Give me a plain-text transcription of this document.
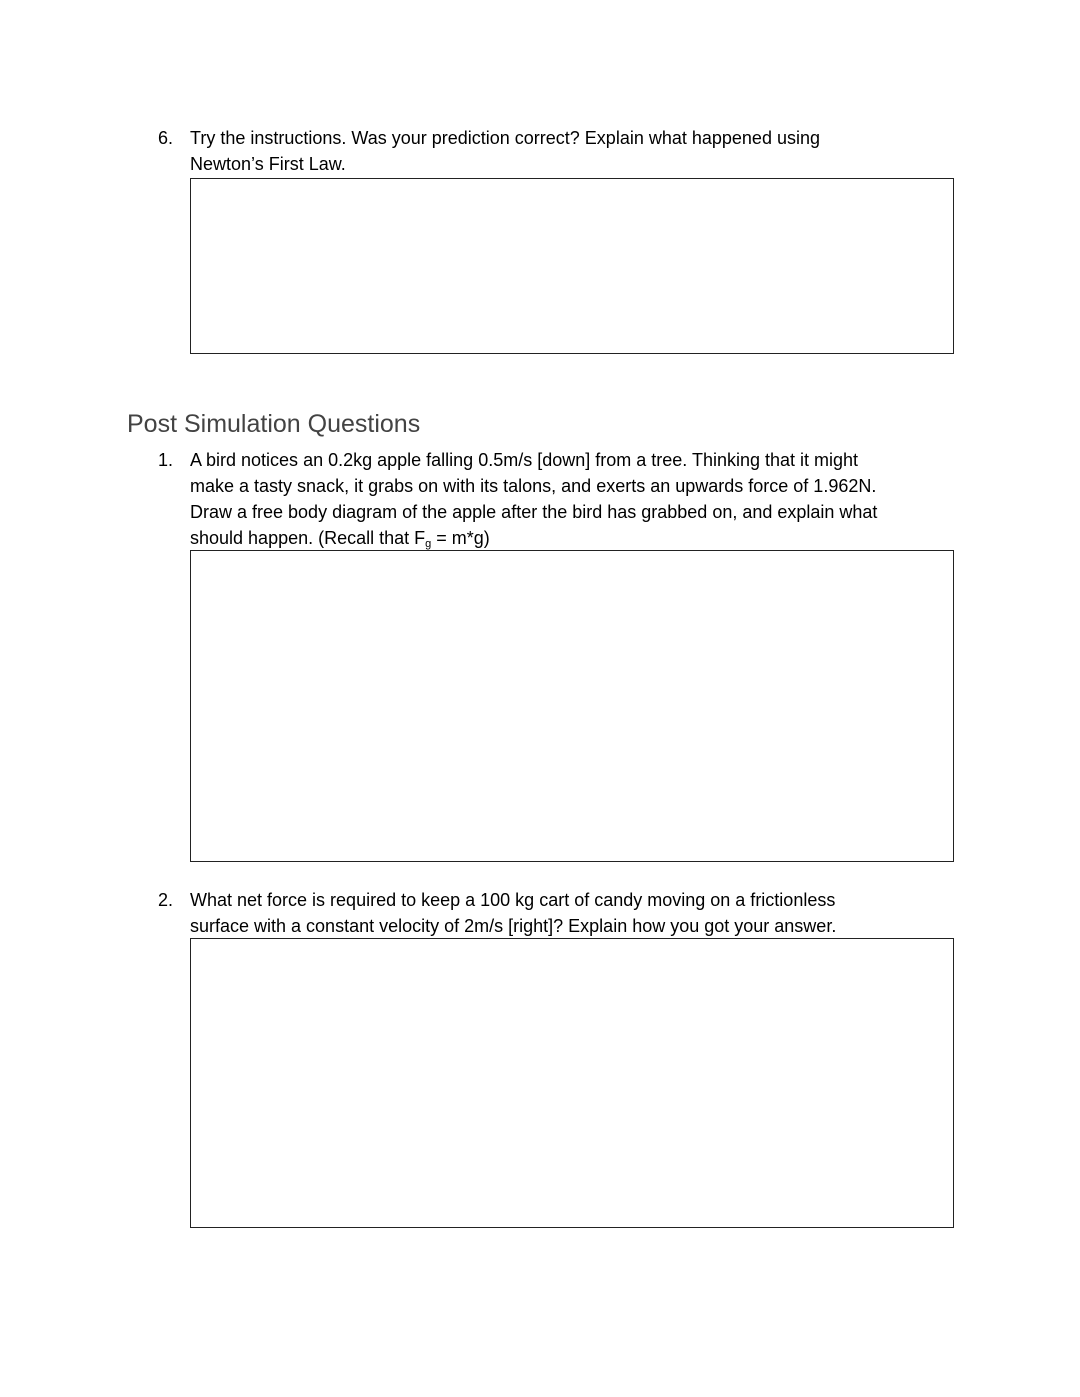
6. Try the instructions. Was your prediction correct? Explain what happened using
Newton’s First Law.
Post Simulation Questions
1. A bird notices an 0.2kg apple falling 0.5m/s [down] from a tree. Thinking that it might
make a tasty snack, it grabs on with its talons, and exerts an upwards force of 1.962N.
Draw a free body diagram of the apple after the bird has grabbed on, and explain what
should happen. (Recall that $F_g = m*g$)
2. What net force is required to keep a 100 kg cart of candy moving on a frictionless
surface with a constant velocity of 2m/s [right]? Explain how you got your answer.
